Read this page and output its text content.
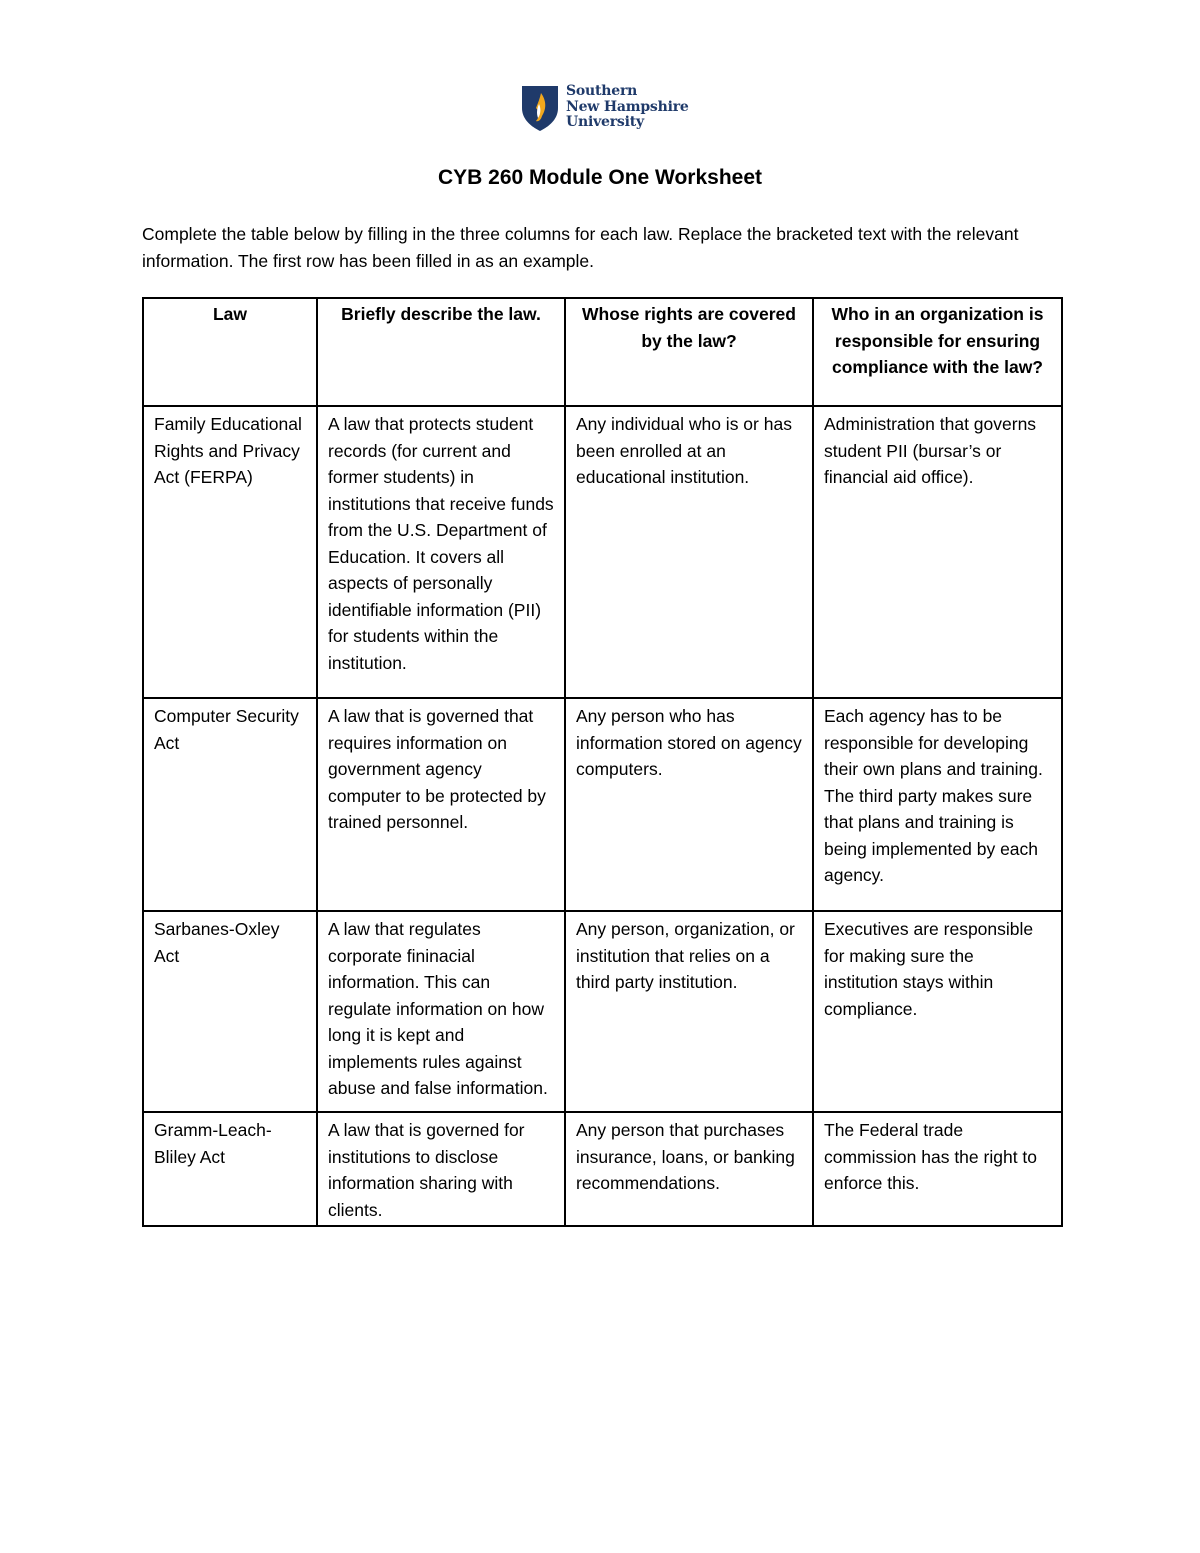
Southern
New Hampshire
University
CYB 260 Module One Worksheet
Complete the table below by filling in the three columns for each law. Replace the bracketed text with the relevant information. The first row has been filled in as an example.
Law	Briefly describe the law.	Whose rights are covered by the law?	Who in an organization is responsible for ensuring compliance with the law?
Family Educational Rights and Privacy Act (FERPA)	A law that protects student records (for current and former students) in institutions that receive funds from the U.S. Department of Education. It covers all aspects of personally identifiable information (PII) for students within the institution.	Any individual who is or has been enrolled at an educational institution.	Administration that governs student PII (bursar’s or financial aid office).
Computer Security Act	A law that is governed that requires information on government agency computer to be protected by trained personnel.	Any person who has information stored on agency computers.	Each agency has to be responsible for developing their own plans and training. The third party makes sure that plans and training is being implemented by each agency.
Sarbanes-Oxley Act	A law that regulates corporate fininacial information. This can regulate information on how long it is kept and implements rules against abuse and false information.	Any person, organization, or institution that relies on a third party institution.	Executives are responsible for making sure the institution stays within compliance.
Gramm-Leach-Bliley Act	A law that is governed for institutions to disclose information sharing with clients.	Any person that purchases insurance, loans, or banking recommendations.	The Federal trade commission has the right to enforce this.
